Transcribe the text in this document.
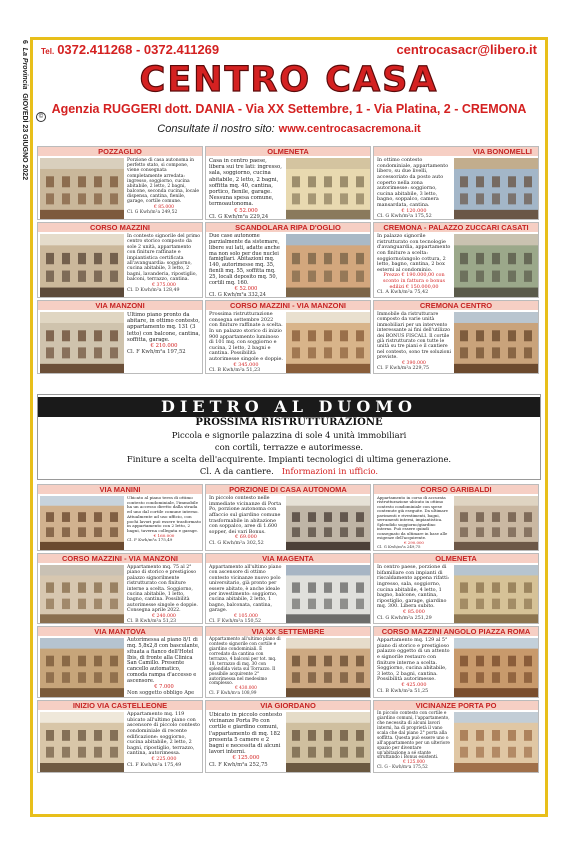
6  La Provincia  GIOVEDÌ 23 GIUGNO 2022
Tel. 0372.411268 - 0372.411269	centrocasacr@libero.it
CENTRO CASA
©
Agenzia RUGGERI dott. DANIA - Via XX Settembre, 1 - Via Platina, 2 - CREMONA
Consultate il nostro sito: www.centrocasacremona.it
POZZAGLIO
Porzione di casa autonoma in perfetto stato, si compone, viene consegnata completamente arredata: ingresso, soggiorno, cucina abitabile, 2 letto, 2 bagni, balcone, seconda cucina, locale dispensa, cantina, fienile, garage, cortile comune.
€ 85.000
Cl. G Kwh/m²a 249,52
OLMENETA
Casa in centro paese, libera sui tre lati: ingresso, sala, soggiorno, cucina abitabile, 2 letto, 2 bagni, soffitta mq. 40, cantina, portico, fienile, garage. Nessuna spesa comune, termoautonoma.
€ 52.000
Cl. G Kwh/m²a 229,24
VIA BONOMELLI
In ottimo contesto condominiale, appartamento libero, su due livelli, accessoriato da posto auto coperto nella zona autorimesse: soggiorno, cucina abitabile, 3 letto, bagno, soppalco, camera mansardata, cantina.
€ 120.000
Cl. G Kwh/m²a 175,52
CORSO MAZZINI
In contesto signorile del primo centro storico composto da sole 2 unità, appartamento con finiture raffinate e impiantistica certificata all'avanguardia: soggiorno, cucina abitabile, 3 letto, 2 bagni, lavanderia, ripostiglio, balconi, terrazzo, cantina.
€ 375.000
Cl. D Kwh/m²a 128,49
SCANDOLARA RIPA D'OGLIO
Due case autonome parzialmente da sistemare, libere sui lati, adatte anche ma non solo per due nuclei famigliari. Abitazioni mq. 140, autorimesse mq. 35, fienili mq. 55, soffitta mq. 25, locali deposito mq. 50, cortili mq. 160.
€ 52.000
Cl. G Kwh/m²a 332,24
CREMONA - PALAZZO ZUCCARI CASATI
In palazzo signorile ristrutturato con tecnologie d'avanguardia, appartamento con finiture a scelta: soggiorno/angolo cottura, 2 letto, bagno, cantina, 2 box esterni al condominio.
Prezzo € 190.000,00 con sconto in fattura o bonus edilizi € 150.000,00
Cl. A Kwh/m²a 75,42
VIA MANZONI
Ultimo piano pronto da abitare, in ottimo contesto, appartamento mq. 131 (3 letto) con balcone, cantina, soffitta, garage.
€ 210.000
Cl. F Kwh/m²a 197,52
CORSO MAZZINI - VIA MANZONI
Prossima ristrutturazione consegna settembre 2022 con finiture raffinate a scelta. In un palazzo storico di inizio 900 appartamento luminoso di 101 mq. con soggiorno e cucina, 2 letto, 2 bagni e cantina. Possibilità autorimesse singole e doppie.
€ 345.000
Cl. B Kwh/m²a 51,23
CREMONA CENTRO
Immobile da ristrutturare composto da varie unità immobiliari per un intervento interessante ai fini dell'utilizzo dei BONUS FISCALI. Il cortile già ristrutturato con tutte le unità su tre piani e il cantiere nel contesto, sono tre soluzioni previste.
€ 390.000
Cl. F Kwh/m²a 229,75
VIA MANINI
Ubicato al piano terra di ottimo contesto condominiale, l'immobile ha un accesso diretto dalla strada ed uno dal cortile comune interno. Attualmente ad uso ufficio, con pochi lavori può essere trasformato in appartamento con 2 letto, 2 bagni, taverna collegata e garage.
€ 160.000
Cl. F Kwh/m²a 175,49
PORZIONE DI CASA AUTONOMA
In piccolo contesto nelle immediate vicinanze di Porta Po, porzione autonoma con affaccio sul giardino comune trasformabile in abitazione con soppalco, aree di 1.600 sopper, dei vari Bonus.
€ 69.000
Cl. G Kwh/m²a 302,52
CORSO GARIBALDI
Appartamento in corso di accurata ristrutturazione ubicato in ottimo contesto condominiale con spese contenute già eseguite. Da ultimare pavimenti e rivestimenti, bagni, serramenti interni, impiantistica. Splendido soggiorno/giardino interno. Può essere quindi consegnato da ultimare in base alle esigenze dell'acquirente.
€ 290.000
Cl. G Kwh/m²a 249,75
CORSO MAZZINI - VIA MANZONI
Appartamento mq. 75 al 2° piano di storico e prestigioso palazzo signorilmente ristrutturato con finiture interne a scelta. Soggiorno, cucina abitabile, 1 letto, bagno, cantina. Possibilità autorimesse singole e doppie. Consegna aprile 2022.
€ 240.000
Cl. B Kwh/m²a 51,23
VIA MAGENTA
Appartamento all'ultimo piano con ascensore di ottimo contesto vicinanze nuovo polo universitario, già pronto per essere abitato, è anche ideale per investimento: soggiorno, cucina abitabile, 2 letto, 1 bagno, balconata, cantina, garage.
€ 105.000
Cl. F Kwh/m²a 150,52
OLMENETA
In centro paese, porzione di bifamiliare con impianti di riscaldamento appena rifatti: ingresso, sala, soggiorno, cucina abitabile, 4 letto, 1 bagno, balcone, cantina, ripostiglio, garage, giardino mq. 300. Libera subito.
€ 85.000
Cl. G Kwh/m²a 251,29
VIA MANTOVA
Autorimessa al piano 8/1 di mq. 5,8x2,8 con basculante, situata a fianco dell'Hotel Ibis, di fronte alla Clinica San Camillo. Presente cancello automatico, comoda rampa d'accesso e ascensore.
€ 7.000
Non soggetto obbligo Ape
VIA XX SETTEMBRE
Appartamento all'ultimo piano di contesto signorile con cortile e giardino condominiali. È corredato da cantina con terrazzo, 4 balconi per tot. mq. 18, terrazzo di mq. 30 con splendida vista sul Torrazzo. Il possibile acquirente 2° autorimessa nel medesimo complesso.
€ 430.000
Cl. F Kwh/m²a 108,99
CORSO MAZZINI ANGOLO PIAZZA ROMA
Appartamento mq. 129 al 5° piano di storico e prestigioso palazzo oggetto di un attento e signorile restauro con finiture interne a scelta. Soggiorno, cucina abitabile, 3 letto, 2 bagni, cantina. Possibilità autorimesse.
€ 425.000
Cl. B Kwh/m²a 51,25
INIZIO VIA CASTELLEONE
Appartamento mq. 119 ubicato all'ultimo piano con ascensore di piccolo contesto condominiale di recente edificazione: soggiorno, cucina abitabile, 2 letto, 2 bagni, ripostiglio, terrazzo, cantina, autorimessa.
€ 225.000
Cl. F Kwh/m²a 175,49
VIA GIORDANO
Ubicato in piccolo contesto vicinanze Porta Po con cortile e giardino comuni, l'appartamento di mq. 182 presenta 5 camere e 2 bagni e necessita di alcuni lavori interni.
€ 125.000
Cl. F Kwh/m²a 252,75
VICINANZE PORTA PO
In piccolo contesto con cortile e giardino comuni, l'appartamento, che necessita di alcuni lavori interni, ha di proprietà il vano scala che dal piano 2° porta alla soffitta. Questa può essere uno o all'appartamento per un ulteriore spazio per diventare un'abitazione a sé stante sfruttando i Bonus esistenti.
€ 125.000
Cl. G - Kwh/m²a 175,52
DIETRO AL DUOMO
PROSSIMA RISTRUTTURAZIONE
Piccola e signorile palazzina di sole 4 unità immobiliari
con cortili, terrazze e autorimesse.
Finiture a scelta dell'acquirente. Impianti tecnologici di ultima generazione.
Cl. A da cantiere. Informazioni in ufficio.
